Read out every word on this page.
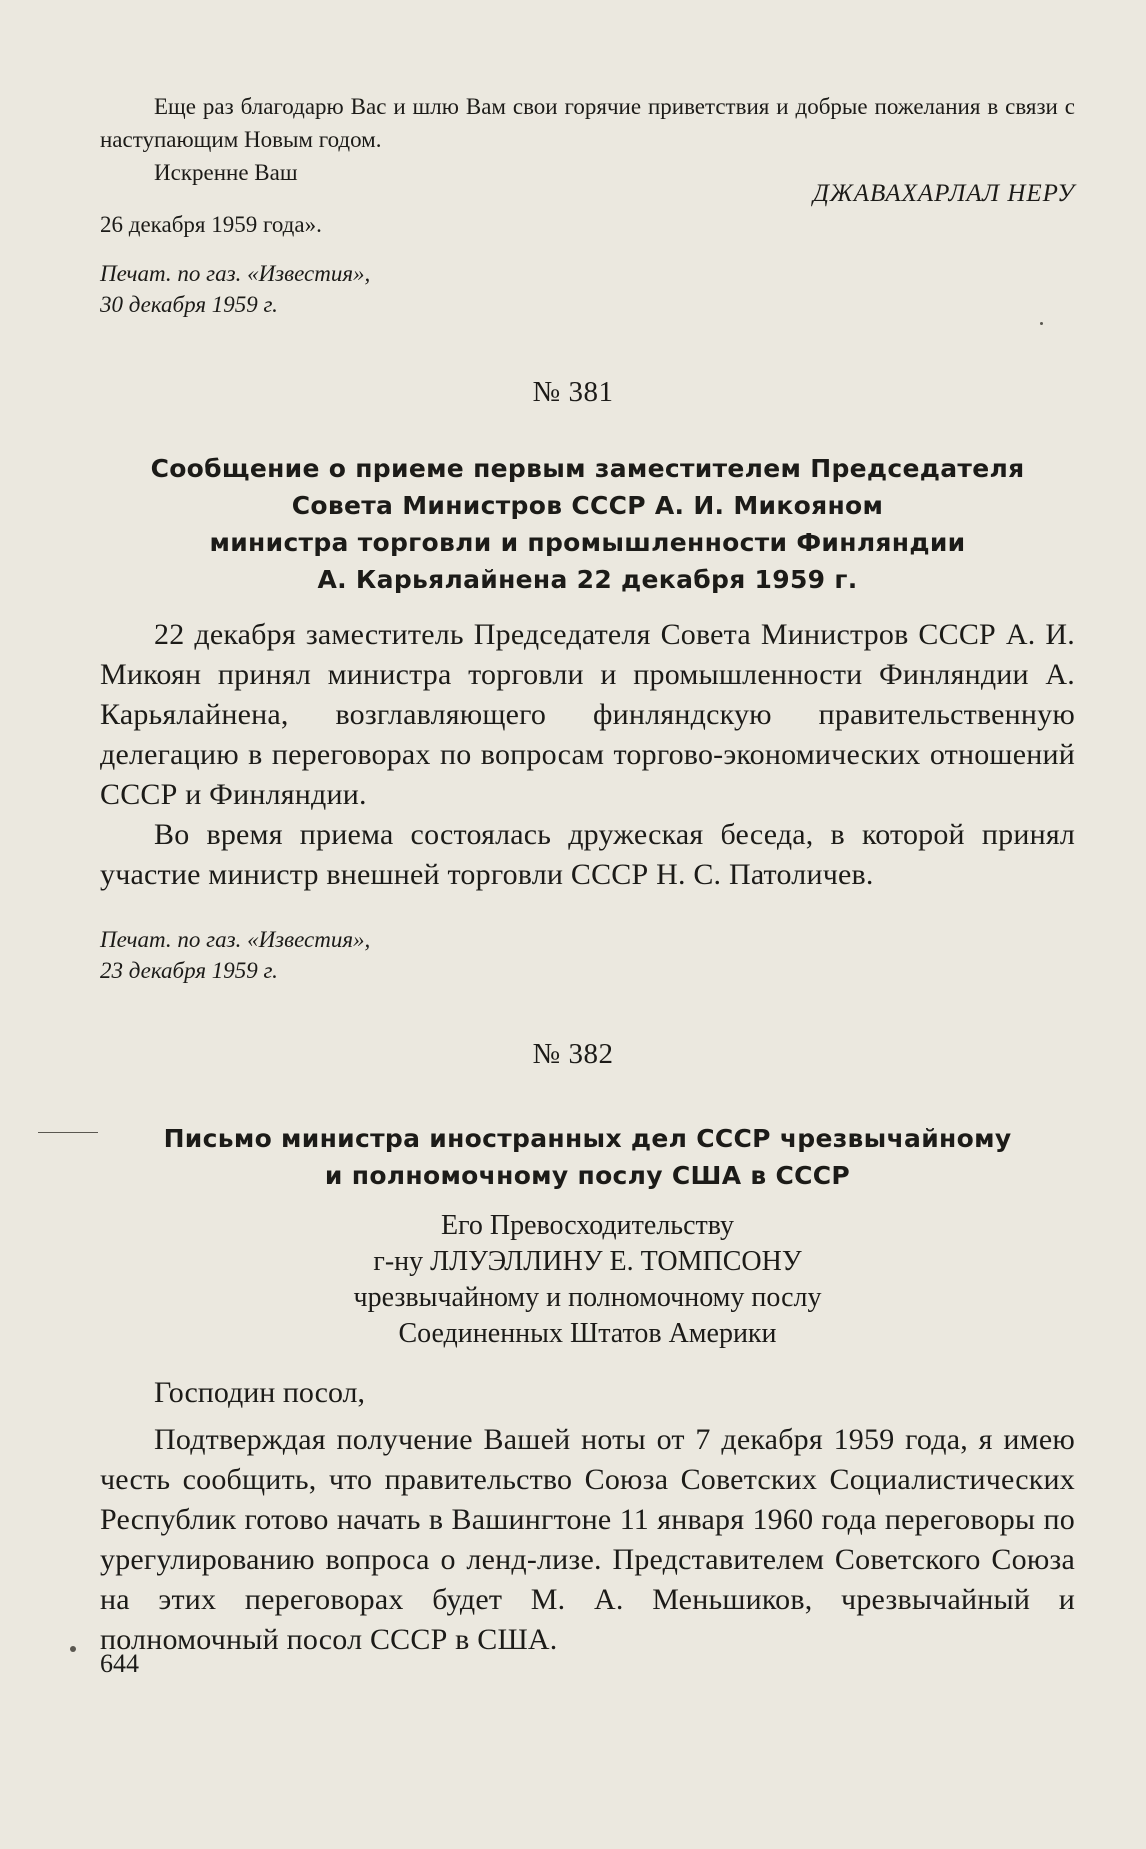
Еще раз благодарю Вас и шлю Вам свои горячие приветствия и добрые пожелания в связи с наступающим Новым годом.

Искренне Ваш

ДЖАВАХАРЛАЛ НЕРУ

26 декабря 1959 года».

Печат. по газ. «Известия»,
30 декабря 1959 г.
№ 381
Сообщение о приеме первым заместителем Председателя
Совета Министров СССР А. И. Микояном
министра торговли и промышленности Финляндии
А. Карьялайнена 22 декабря 1959 г.

22 декабря заместитель Председателя Совета Министров СССР А. И. Микоян принял министра торговли и промышленности Финляндии А. Карьялайнена, возглавляющего финляндскую правительственную делегацию в переговорах по вопросам торгово-экономических отношений СССР и Финляндии.

Во время приема состоялась дружеская беседа, в которой принял участие министр внешней торговли СССР Н. С. Патоличев.

Печат. по газ. «Известия»,
23 декабря 1959 г.
№ 382
Письмо министра иностранных дел СССР чрезвычайному
и полномочному послу США в СССР
Его Превосходительству
г-ну ЛЛУЭЛЛИНУ Е. ТОМПСОНУ
чрезвычайному и полномочному послу
Соединенных Штатов Америки

Господин посол,

Подтверждая получение Вашей ноты от 7 декабря 1959 года, я имею честь сообщить, что правительство Союза Советских Социалистических Республик готово начать в Вашингтоне 11 января 1960 года переговоры по урегулированию вопроса о ленд-лизе. Представителем Советского Союза на этих переговорах будет М. А. Меньшиков, чрезвычайный и полномочный посол СССР в США.

644
